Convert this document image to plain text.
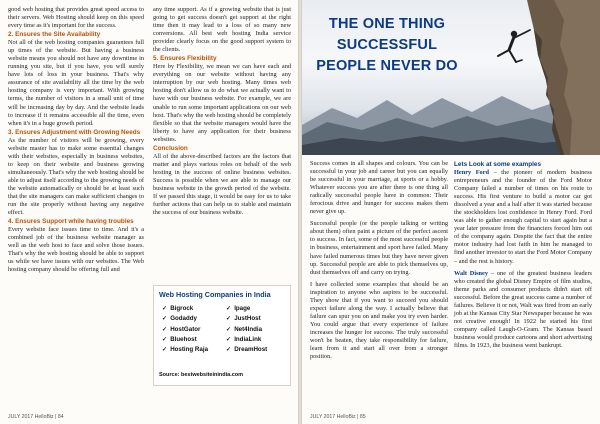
good web hosting that provides great speed access to their servers. Web Hosting should keep on this speed every time as it's important for the success.

2. Ensures the Site Availability

Not all of the web hosting companies guarantees full up times of the website. But having a business website means you should not have any downtime in running you site, but if you have, you will surely have lots of loss in your business. That's why assurance of site availability all the time by the web hosting company is very important. With growing terms, the number of visitors in a small unit of time will be increasing day by day. And the website leads to increase if it remains accessible all the time, even when it's in a huge growth period.

3. Ensures Adjustment with Growing Needs

As the number of visitors will be growing, every website master has to make some essential changes with their websites, especially in business websites, to keep on their website and business growing simultaneously. That's why the web hosting should be able to adjust itself according to the growing needs of the website automatically or should be at least such that the site managers can make sufficient changes to run the site properly without having any negative effect.

4. Ensures Support while having troubles

Every website face issues time to time. And it's a combined job of the business website manager as well as the web host to face and solve those issues. That's why the web hosting should be able to support us while we have issues with our websites. The Web hosting company should be offering full and

any time support. As if a growing website that is just going to get success doesn't get support at the right time then it may lead to a loss of so many new conversions. All best web hosting India service provider clearly focus on the good support system to the clients.

5. Ensures Flexibility

Here by Flexibility, we mean we can have each and everything on our website without having any interruption by our web hosting. Many times web hosting don't allow us to do what we actually want to have with our business website. For example, we are unable to run some important applications on our web host. That's why the web hosting should be completely flexible so that the website managers would have the liberty to have any application for their business websites.

Conclusion

All of the above-described factors are the factors that matter and plays various roles on behalf of the web hosting in the success of online business websites. Success is possible when we are able to manage our business website in the growth period of the website. If we passed this stage, it would be easy for us to take further actions that can help us to stable and maintain the success of our business website.

Web Hosting Companies in India
✓ Bigrock
✓ Godaddy
✓ HostGator
✓ Bluehost
✓ Hosting Raja
✓ Ipage
✓ JustHost
✓ Net4India
✓ IndiaLink
✓ DreamHost
Source: bestwebsiteinindia.com
JULY 2017 HelloBiz | 84
THE ONE THING
SUCCESSFUL
PEOPLE NEVER DO

Success comes in all shapes and colours. You can be successful in your job and career but you can equally be successful in your marriage, at sports or a hobby. Whatever success you are after there is one thing all radically successful people have in common: Their ferocious drive and hunger for success makes them never give up.

Successful people (or the people talking or writing about them) often paint a picture of the perfect ascent to success. In fact, some of the most successful people in business, entertainment and sport have failed. Many have failed numerous times but they have never given up. Successful people are able to pick themselves up, dust themselves off and carry on trying.

I have collected some examples that should be an inspiration to anyone who aspires to be successful. They show that if you want to succeed you should expect failure along the way. I actually believe that failure can spur you on and make you try even harder. You could argue that every experience of failure increases the hunger for success. The truly successful won't be beaten, they take responsibility for failure, learn from it and start all over from a stronger position.

Lets Look at some examples

Henry Ford – the pioneer of modern business entrepreneurs and the founder of the Ford Motor Company failed a number of times on his route to success. His first venture to build a motor car got dissolved a year and a half after it was started because the stockholders lost confidence in Henry Ford. Ford was able to gather enough capital to start again but a year later pressure from the financiers forced him out of the company again. Despite the fact that the entire motor industry had lost faith in him he managed to find another investor to start the Ford Motor Company – and the rest is history.

Walt Disney – one of the greatest business leaders who created the global Disney Empire of film studios, theme parks and consumer products didn't start off successful. Before the great success came a number of failures. Believe it or not, Walt was fired from an early job at the Kansas City Star Newspaper because he was not creative enough! In 1922 he started his first company called Laugh-O-Gram. The Kansas based business would produce cartoons and short advertising films. In 1923, the business went bankrupt.

JULY 2017 HelloBiz | 85
